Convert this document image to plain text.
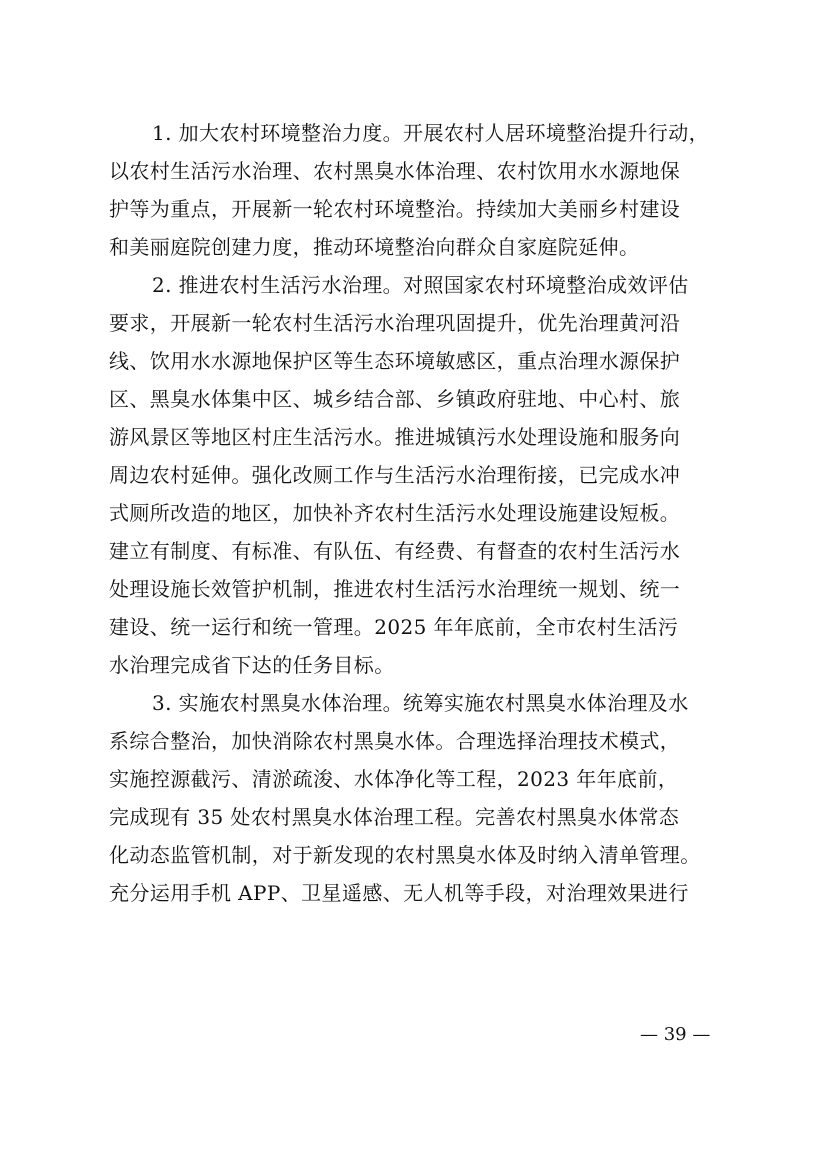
1. 加大农村环境整治力度。开展农村人居环境整治提升行动，
以农村生活污水治理、农村黑臭水体治理、农村饮用水水源地保
护等为重点，开展新一轮农村环境整治。持续加大美丽乡村建设
和美丽庭院创建力度，推动环境整治向群众自家庭院延伸。
2. 推进农村生活污水治理。对照国家农村环境整治成效评估
要求，开展新一轮农村生活污水治理巩固提升，优先治理黄河沿
线、饮用水水源地保护区等生态环境敏感区，重点治理水源保护
区、黑臭水体集中区、城乡结合部、乡镇政府驻地、中心村、旅
游风景区等地区村庄生活污水。推进城镇污水处理设施和服务向
周边农村延伸。强化改厕工作与生活污水治理衔接，已完成水冲
式厕所改造的地区，加快补齐农村生活污水处理设施建设短板。
建立有制度、有标准、有队伍、有经费、有督查的农村生活污水
处理设施长效管护机制，推进农村生活污水治理统一规划、统一
建设、统一运行和统一管理。2025 年年底前，全市农村生活污
水治理完成省下达的任务目标。
3. 实施农村黑臭水体治理。统筹实施农村黑臭水体治理及水
系综合整治，加快消除农村黑臭水体。合理选择治理技术模式，
实施控源截污、清淤疏浚、水体净化等工程，2023 年年底前，
完成现有 35 处农村黑臭水体治理工程。完善农村黑臭水体常态
化动态监管机制，对于新发现的农村黑臭水体及时纳入清单管理。
充分运用手机 APP、卫星遥感、无人机等手段，对治理效果进行
— 39 —
